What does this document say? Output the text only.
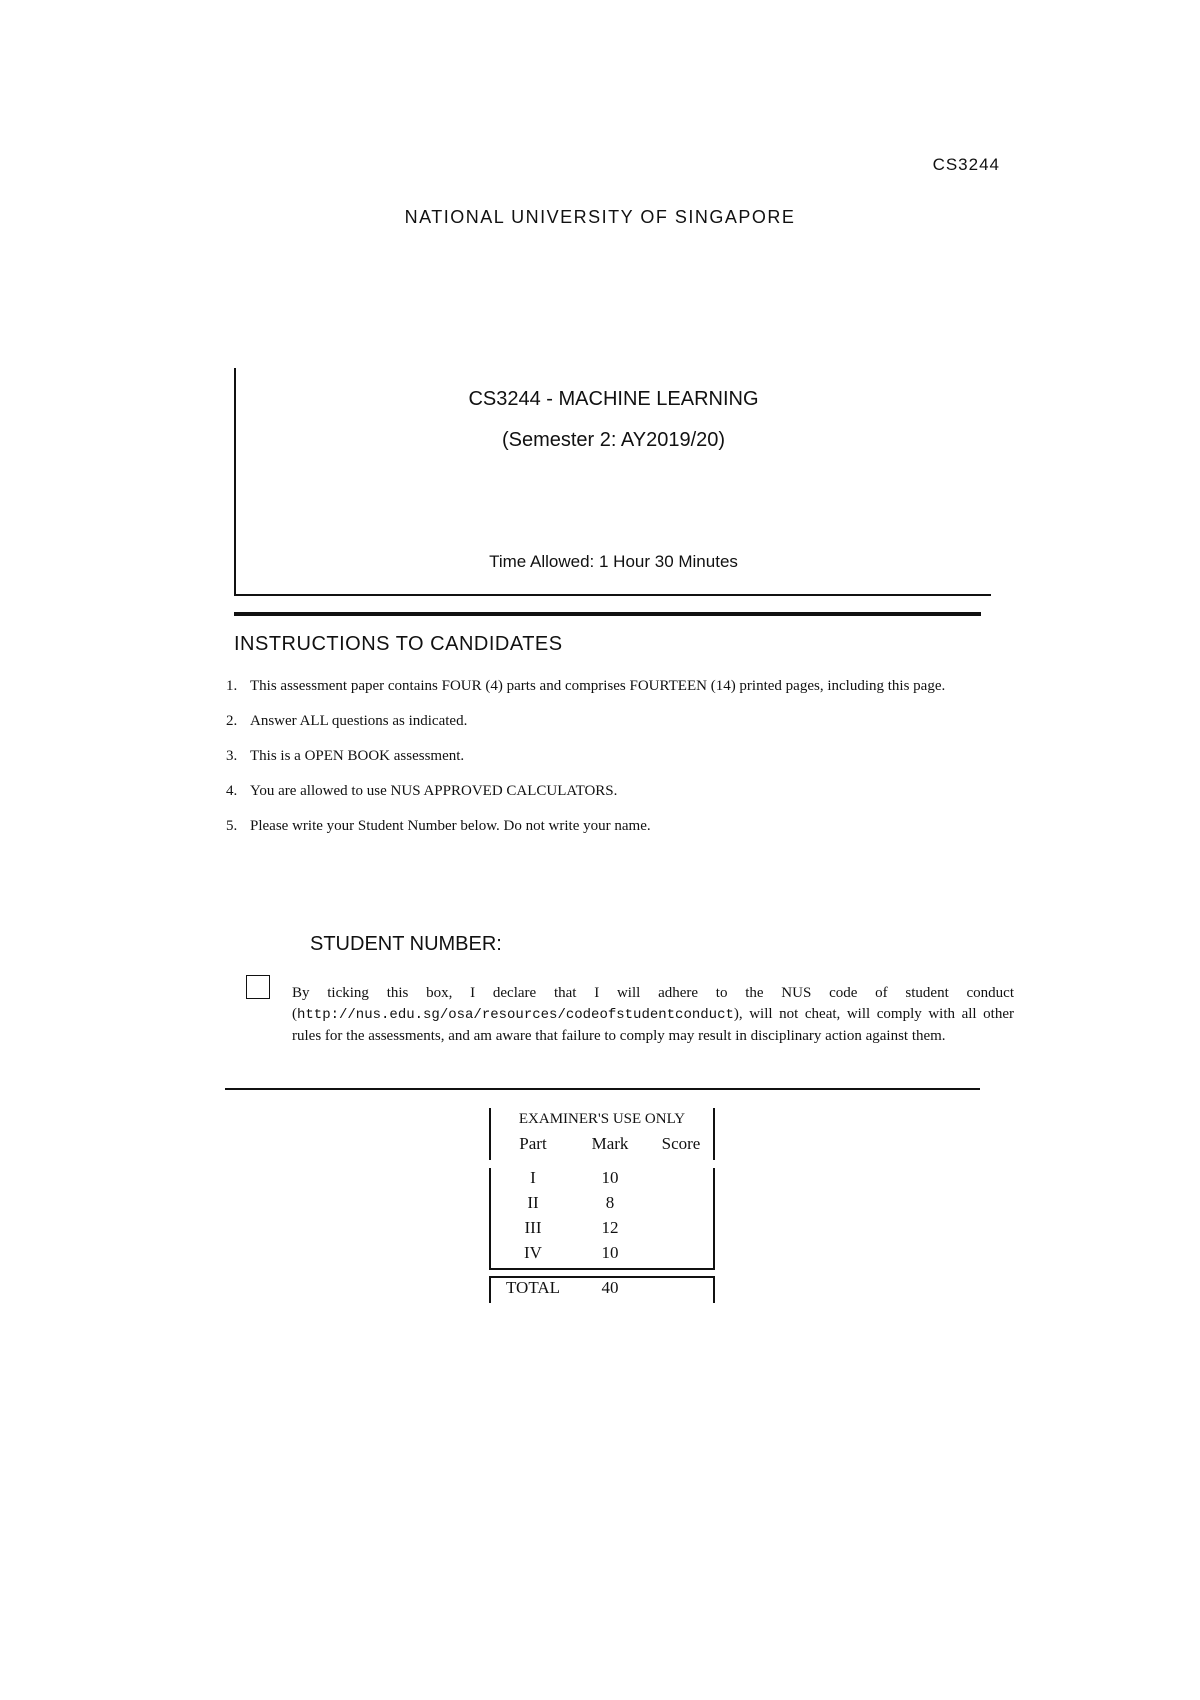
CS3244
NATIONAL UNIVERSITY OF SINGAPORE
CS3244 - MACHINE LEARNING
(Semester 2: AY2019/20)
Time Allowed: 1 Hour 30 Minutes
INSTRUCTIONS TO CANDIDATES
1. This assessment paper contains FOUR (4) parts and comprises FOURTEEN (14) printed pages, including this page.
2. Answer ALL questions as indicated.
3. This is a OPEN BOOK assessment.
4. You are allowed to use NUS APPROVED CALCULATORS.
5. Please write your Student Number below. Do not write your name.
STUDENT NUMBER:
By ticking this box, I declare that I will adhere to the NUS code of student conduct (http://nus.edu.sg/osa/resources/codeofstudentconduct), will not cheat, will comply with all other rules for the assessments, and am aware that failure to comply may result in disciplinary action against them.
EXAMINER'S USE ONLY
Part	Mark	Score
I	10
II	8
III	12
IV	10
TOTAL	40
